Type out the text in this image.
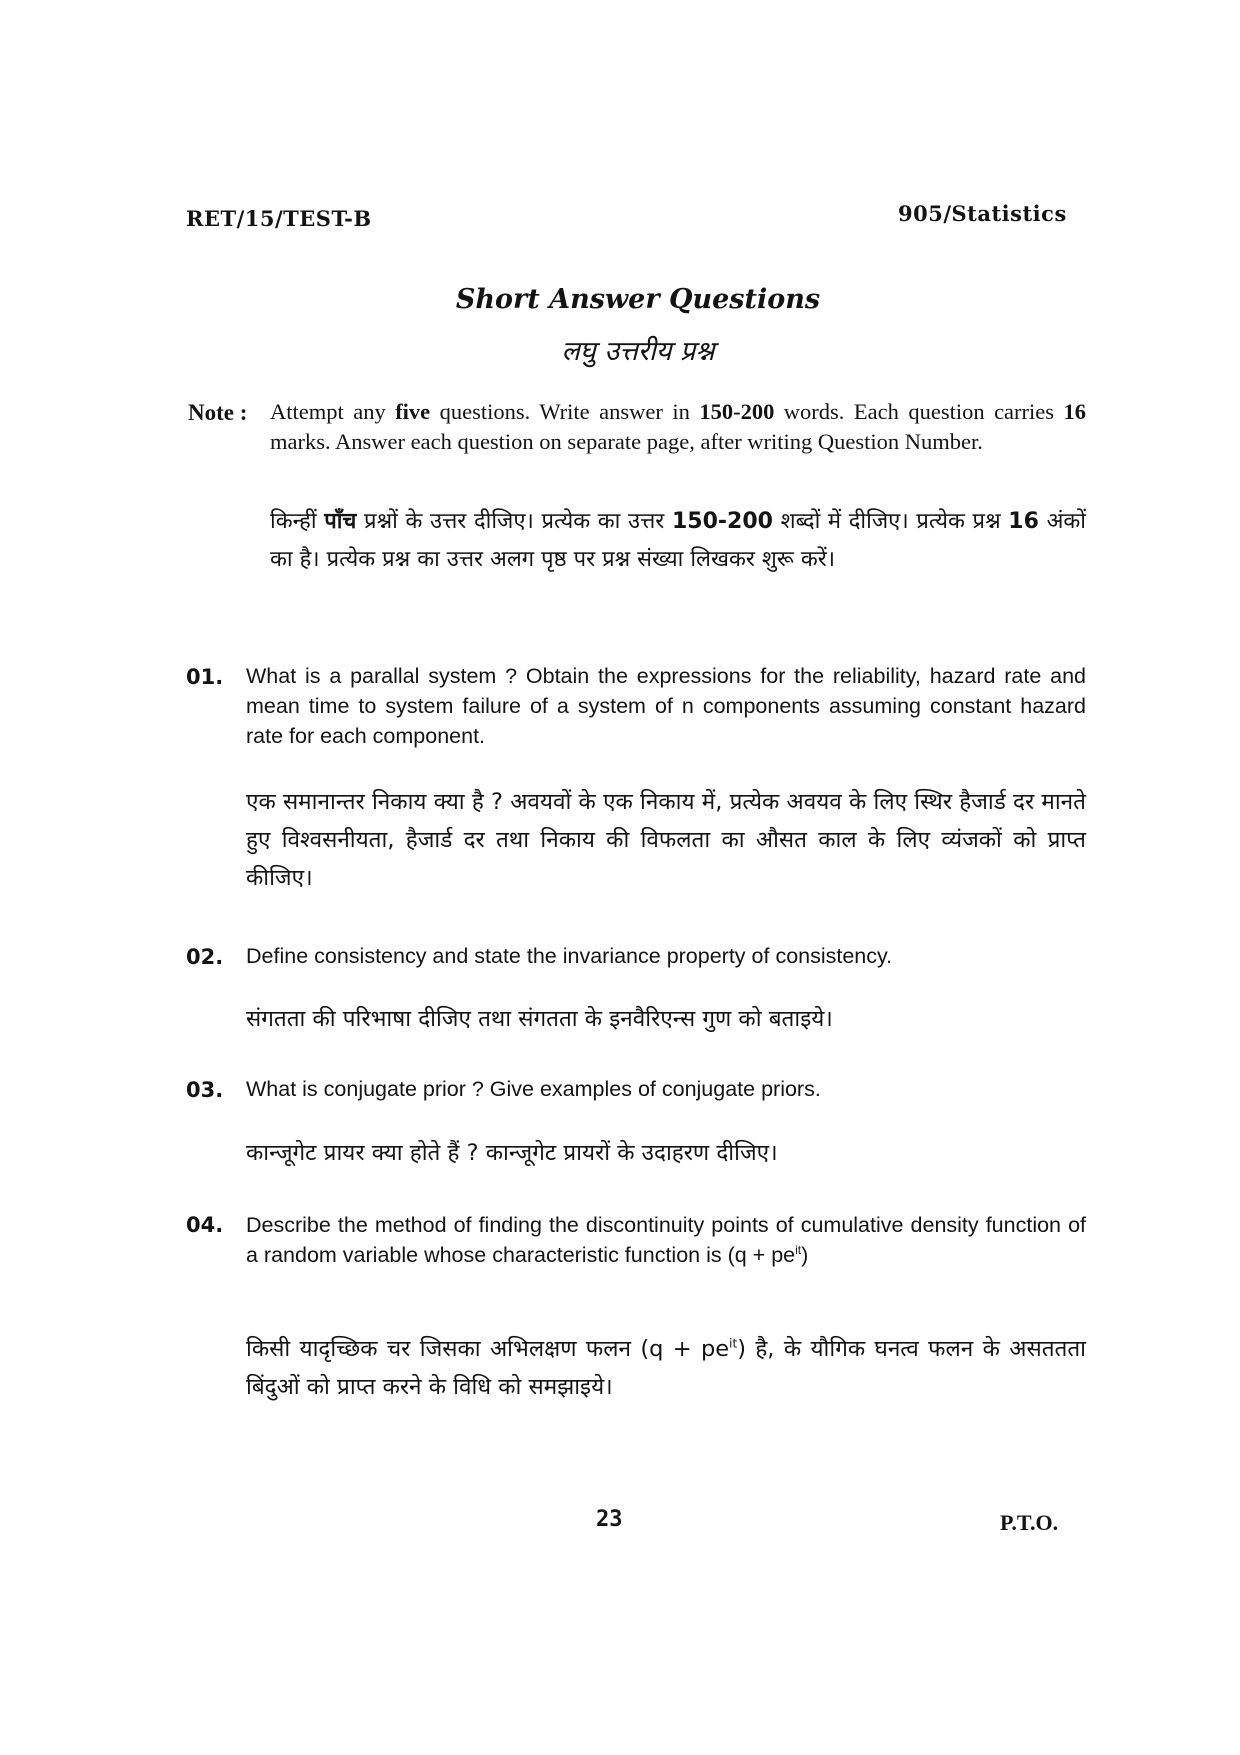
RET/15/TEST-B	905/Statistics
Short Answer Questions
लघु उत्तरीय प्रश्न
Note : Attempt any five questions. Write answer in 150-200 words. Each question carries 16 marks. Answer each question on separate page, after writing Question Number.
किन्हीं पाँच प्रश्नों के उत्तर दीजिए। प्रत्येक का उत्तर 150-200 शब्दों में दीजिए। प्रत्येक प्रश्न 16 अंकों का है। प्रत्येक प्रश्न का उत्तर अलग पृष्ठ पर प्रश्न संख्या लिखकर शुरू करें।
01. What is a parallal system ? Obtain the expressions for the reliability, hazard rate and mean time to system failure of a system of n components assuming constant hazard rate for each component.
एक समानान्तर निकाय क्या है ? अवयवों के एक निकाय में, प्रत्येक अवयव के लिए स्थिर हैजार्ड दर मानते हुए विश्वसनीयता, हैजार्ड दर तथा निकाय की विफलता का औसत काल के लिए व्यंजकों को प्राप्त कीजिए।
02. Define consistency and state the invariance property of consistency.
संगतता की परिभाषा दीजिए तथा संगतता के इनवैरिएन्स गुण को बताइये।
03. What is conjugate prior ? Give examples of conjugate priors.
कान्जूगेट प्रायर क्या होते हैं ? कान्जूगेट प्रायरों के उदाहरण दीजिए।
04. Describe the method of finding the discontinuity points of cumulative density function of a random variable whose characteristic function is $(q + pe^{it})$
किसी यादृच्छिक चर जिसका अभिलक्षण फलन $(q + pe^{it})$ है, के यौगिक घनत्व फलन के असततता बिंदुओं को प्राप्त करने के विधि को समझाइये।
23	P.T.O.
